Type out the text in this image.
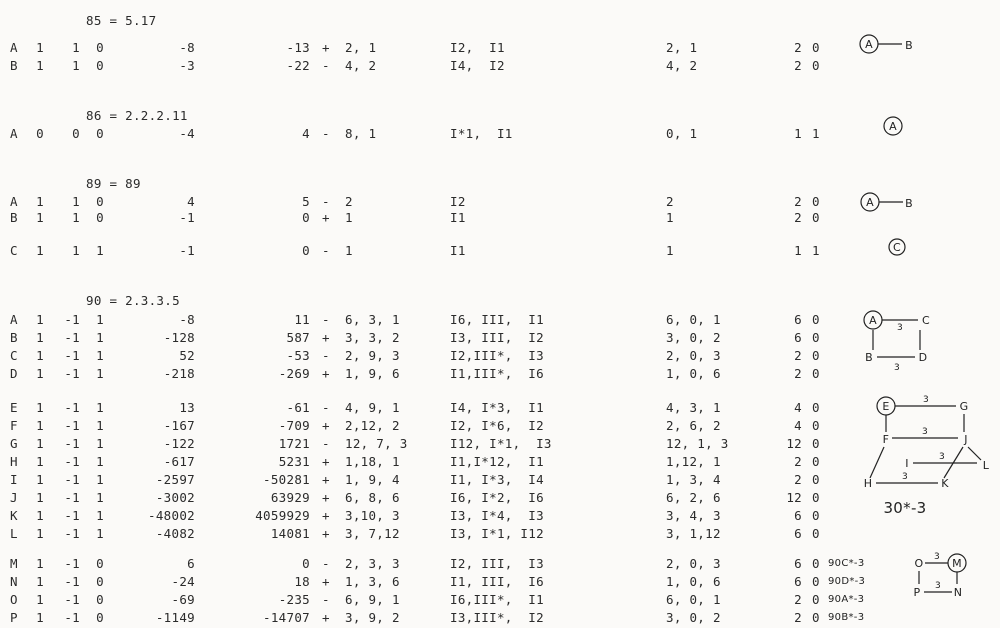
85 = 5.17
A	1	1	0	-8	-13 +	2, 1	I2,  I1	2, 1	2 0
B	1	1	0	-3	-22 -	4, 2	I4,  I2	4, 2	2 0
86 = 2.2.2.11
A	0	0	0	-4	4 -	8, 1	I*1,  I1	0, 1	1 1
89 = 89
A	1	1	0	4	5 -	2	I2	2	2 0
B	1	1	0	-1	0 +	1	I1	1	2 0
C	1	1	1	-1	0 -	1	I1	1	1 1
90 = 2.3.3.5
A	1	-1	1	-8	11 -	6, 3, 1	I6, III,  I1	6, 0, 1	6 0
B	1	-1	1	-128	587 +	3, 3, 2	I3, III,  I2	3, 0, 2	6 0
C	1	-1	1	52	-53 -	2, 9, 3	I2,III*,  I3	2, 0, 3	2 0
D	1	-1	1	-218	-269 +	1, 9, 6	I1,III*,  I6	1, 0, 6	2 0
E	1	-1	1	13	-61 -	4, 9, 1	I4, I*3,  I1	4, 3, 1	4 0
F	1	-1	1	-167	-709 +	2,12, 2	I2, I*6,  I2	2, 6, 2	4 0
G	1	-1	1	-122	1721 -	12, 7, 3	I12, I*1,  I3	12, 1, 3	12 0
H	1	-1	1	-617	5231 +	1,18, 1	I1,I*12,  I1	1,12, 1	2 0
I	1	-1	1	-2597	-50281 +	1, 9, 4	I1, I*3,  I4	1, 3, 4	2 0
J	1	-1	1	-3002	63929 +	6, 8, 6	I6, I*2,  I6	6, 2, 6	12 0
K	1	-1	1	-48002	4059929 +	3,10, 3	I3, I*4,  I3	3, 4, 3	6 0
L	1	-1	1	-4082	14081 +	3, 7,12	I3, I*1, I12	3, 1,12	6 0
M	1	-1	0	6	0 -	2, 3, 3	I2, III,  I3	2, 0, 3	6 0 90C*-3
N	1	-1	0	-24	18 +	1, 3, 6	I1, III,  I6	1, 0, 6	6 0 90D*-3
O	1	-1	0	-69	-235 -	6, 9, 1	I6,III*,  I1	6, 0, 1	2 0 90A*-3
P	1	-1	0	-1149	-14707 +	3, 9, 2	I3,III*,  I2	3, 0, 2	2 0 90B*-3
A	B
A
A	B
C
A
3
C
B
3
D
E	3	G
F
3
J
L
I	3
H	3	K
30*-3
O 3 M
P 3 N
